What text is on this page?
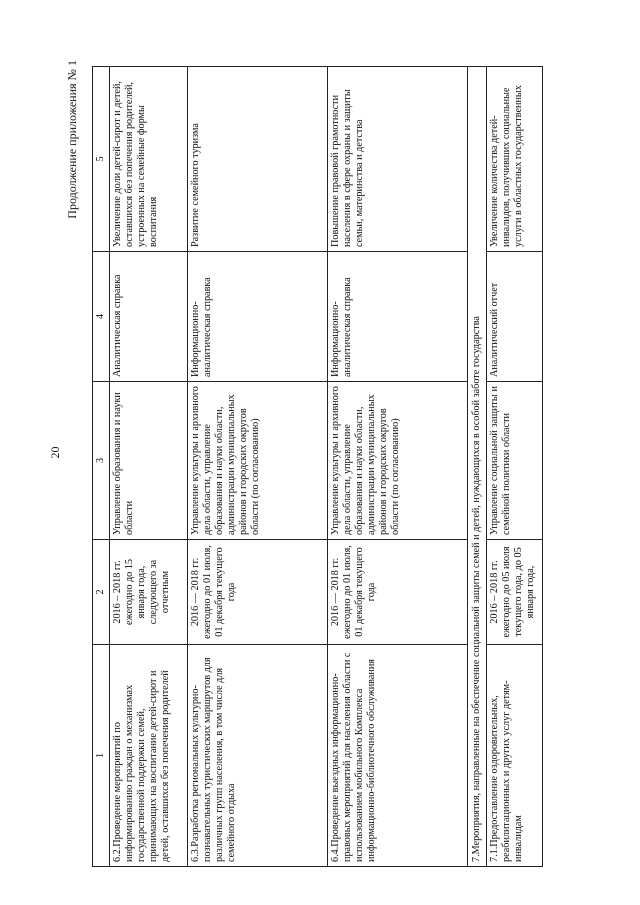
20
Продолжение приложения № 1
1	2	3	4	5
6.2.Проведение мероприятий по информированию граждан о механизмах государственной поддержки семей, принимающих на воспитание детей-сирот и детей, оставшихся без попечения родителей	2016 – 2018 гг. ежегодно до 15 января года, следующего за отчетным	Управление образования и науки области	Аналитическая справка	Увеличение доли детей-сирот и детей, оставшихся без попечения родителей, устроенных на семейные формы воспитания
6.3.Разработка региональных культурно-познавательных туристических маршрутов для различных групп населения, в том числе для семейного отдыха	2016 — 2018 гг. ежегодно до 01 июля, 01 декабря текущего года	Управление культуры и архивного дела области, управление образования и науки области, администрации муниципальных районов и городских округов области (по согласованию)	Информационно-аналитическая справка	Развитие семейного туризма
6.4.Проведение выездных информационно-правовых мероприятий для населения области с использованием мобильного Комплекса информационно-библиотечного обслуживания	2016 — 2018 гг. ежегодно до 01 июля, 01 декабря текущего года	Управление культуры и архивного дела области, управление образования и науки области, администрации муниципальных районов и городских округов области (по согласованию)	Информационно-аналитическая справка	Повышение правовой грамотности населения в сфере охраны и защиты семьи, материнства и детства
7.Мероприятия, направленные на обеспечение социальной защиты семей и детей, нуждающихся в особой заботе государства				
7.1.Предоставление оздоровительных, реабилитационных и других услуг детям-инвалидам	2016 – 2018 гг. ежегодно до 05 июля текущего года, до 05 января года,	Управление социальной защиты и семейной политики области	Аналитический отчет	Увеличение количества детей-инвалидов, получивших социальные услуги в областных государственных
